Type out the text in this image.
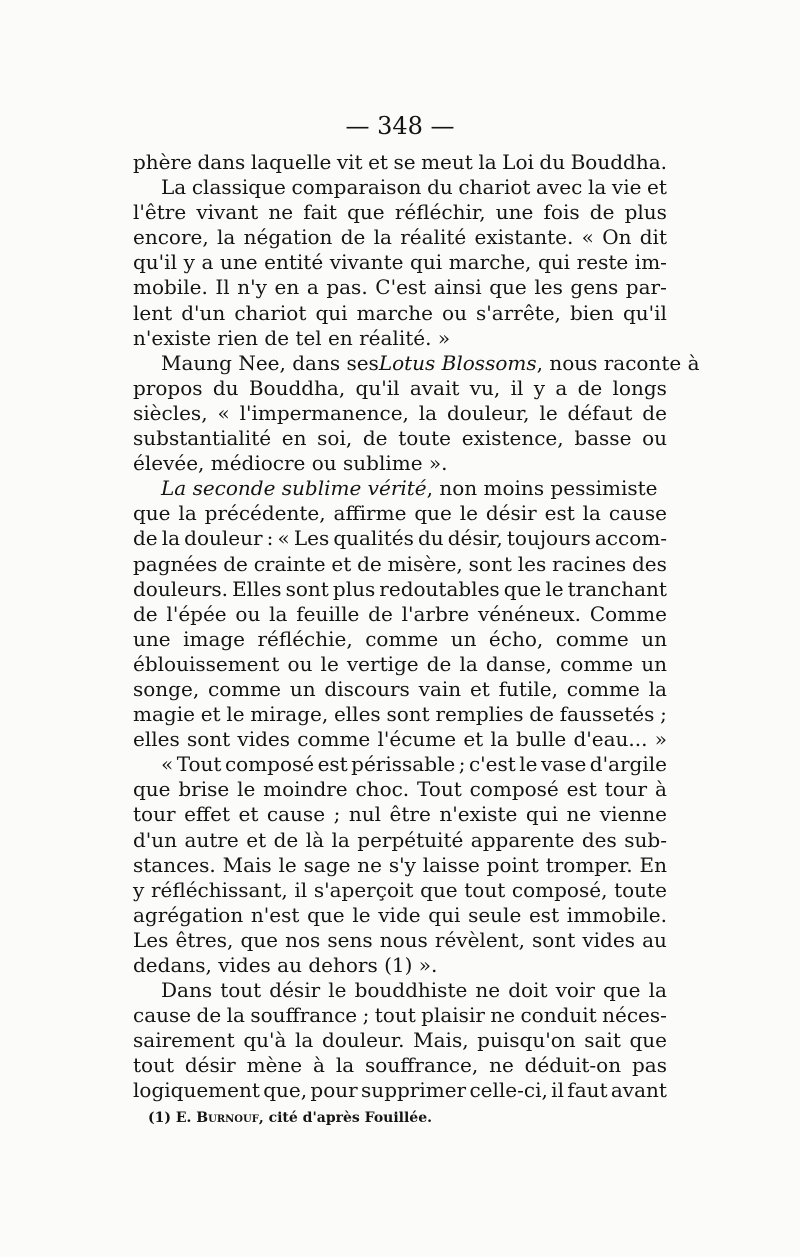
— 348 —
phère dans laquelle vit et se meut la Loi du Bouddha.
La classique comparaison du chariot avec la vie et
l'être vivant ne fait que réfléchir, une fois de plus
encore, la négation de la réalité existante. « On dit
qu'il y a une entité vivante qui marche, qui reste im-
mobile. Il n'y en a pas. C'est ainsi que les gens par-
lent d'un chariot qui marche ou s'arrête, bien qu'il
n'existe rien de tel en réalité. »
Maung Nee, dans ses Lotus Blossoms, nous raconte à
propos du Bouddha, qu'il avait vu, il y a de longs
siècles, « l'impermanence, la douleur, le défaut de
substantialité en soi, de toute existence, basse ou
élevée, médiocre ou sublime ».
La seconde sublime vérité, non moins pessimiste
que la précédente, affirme que le désir est la cause
de la douleur : « Les qualités du désir, toujours accom-
pagnées de crainte et de misère, sont les racines des
douleurs. Elles sont plus redoutables que le tranchant
de l'épée ou la feuille de l'arbre vénéneux. Comme
une image réfléchie, comme un écho, comme un
éblouissement ou le vertige de la danse, comme un
songe, comme un discours vain et futile, comme la
magie et le mirage, elles sont remplies de faussetés ;
elles sont vides comme l'écume et la bulle d'eau... »
« Tout composé est périssable ; c'est le vase d'argile
que brise le moindre choc. Tout composé est tour à
tour effet et cause ; nul être n'existe qui ne vienne
d'un autre et de là la perpétuité apparente des sub-
stances. Mais le sage ne s'y laisse point tromper. En
y réfléchissant, il s'aperçoit que tout composé, toute
agrégation n'est que le vide qui seule est immobile.
Les êtres, que nos sens nous révèlent, sont vides au
dedans, vides au dehors (1) ».
Dans tout désir le bouddhiste ne doit voir que la
cause de la souffrance ; tout plaisir ne conduit néces-
sairement qu'à la douleur. Mais, puisqu'on sait que
tout désir mène à la souffrance, ne déduit-on pas
logiquement que, pour supprimer celle-ci, il faut avant
(1) E. Burnouf, cité d'après Fouillée.
